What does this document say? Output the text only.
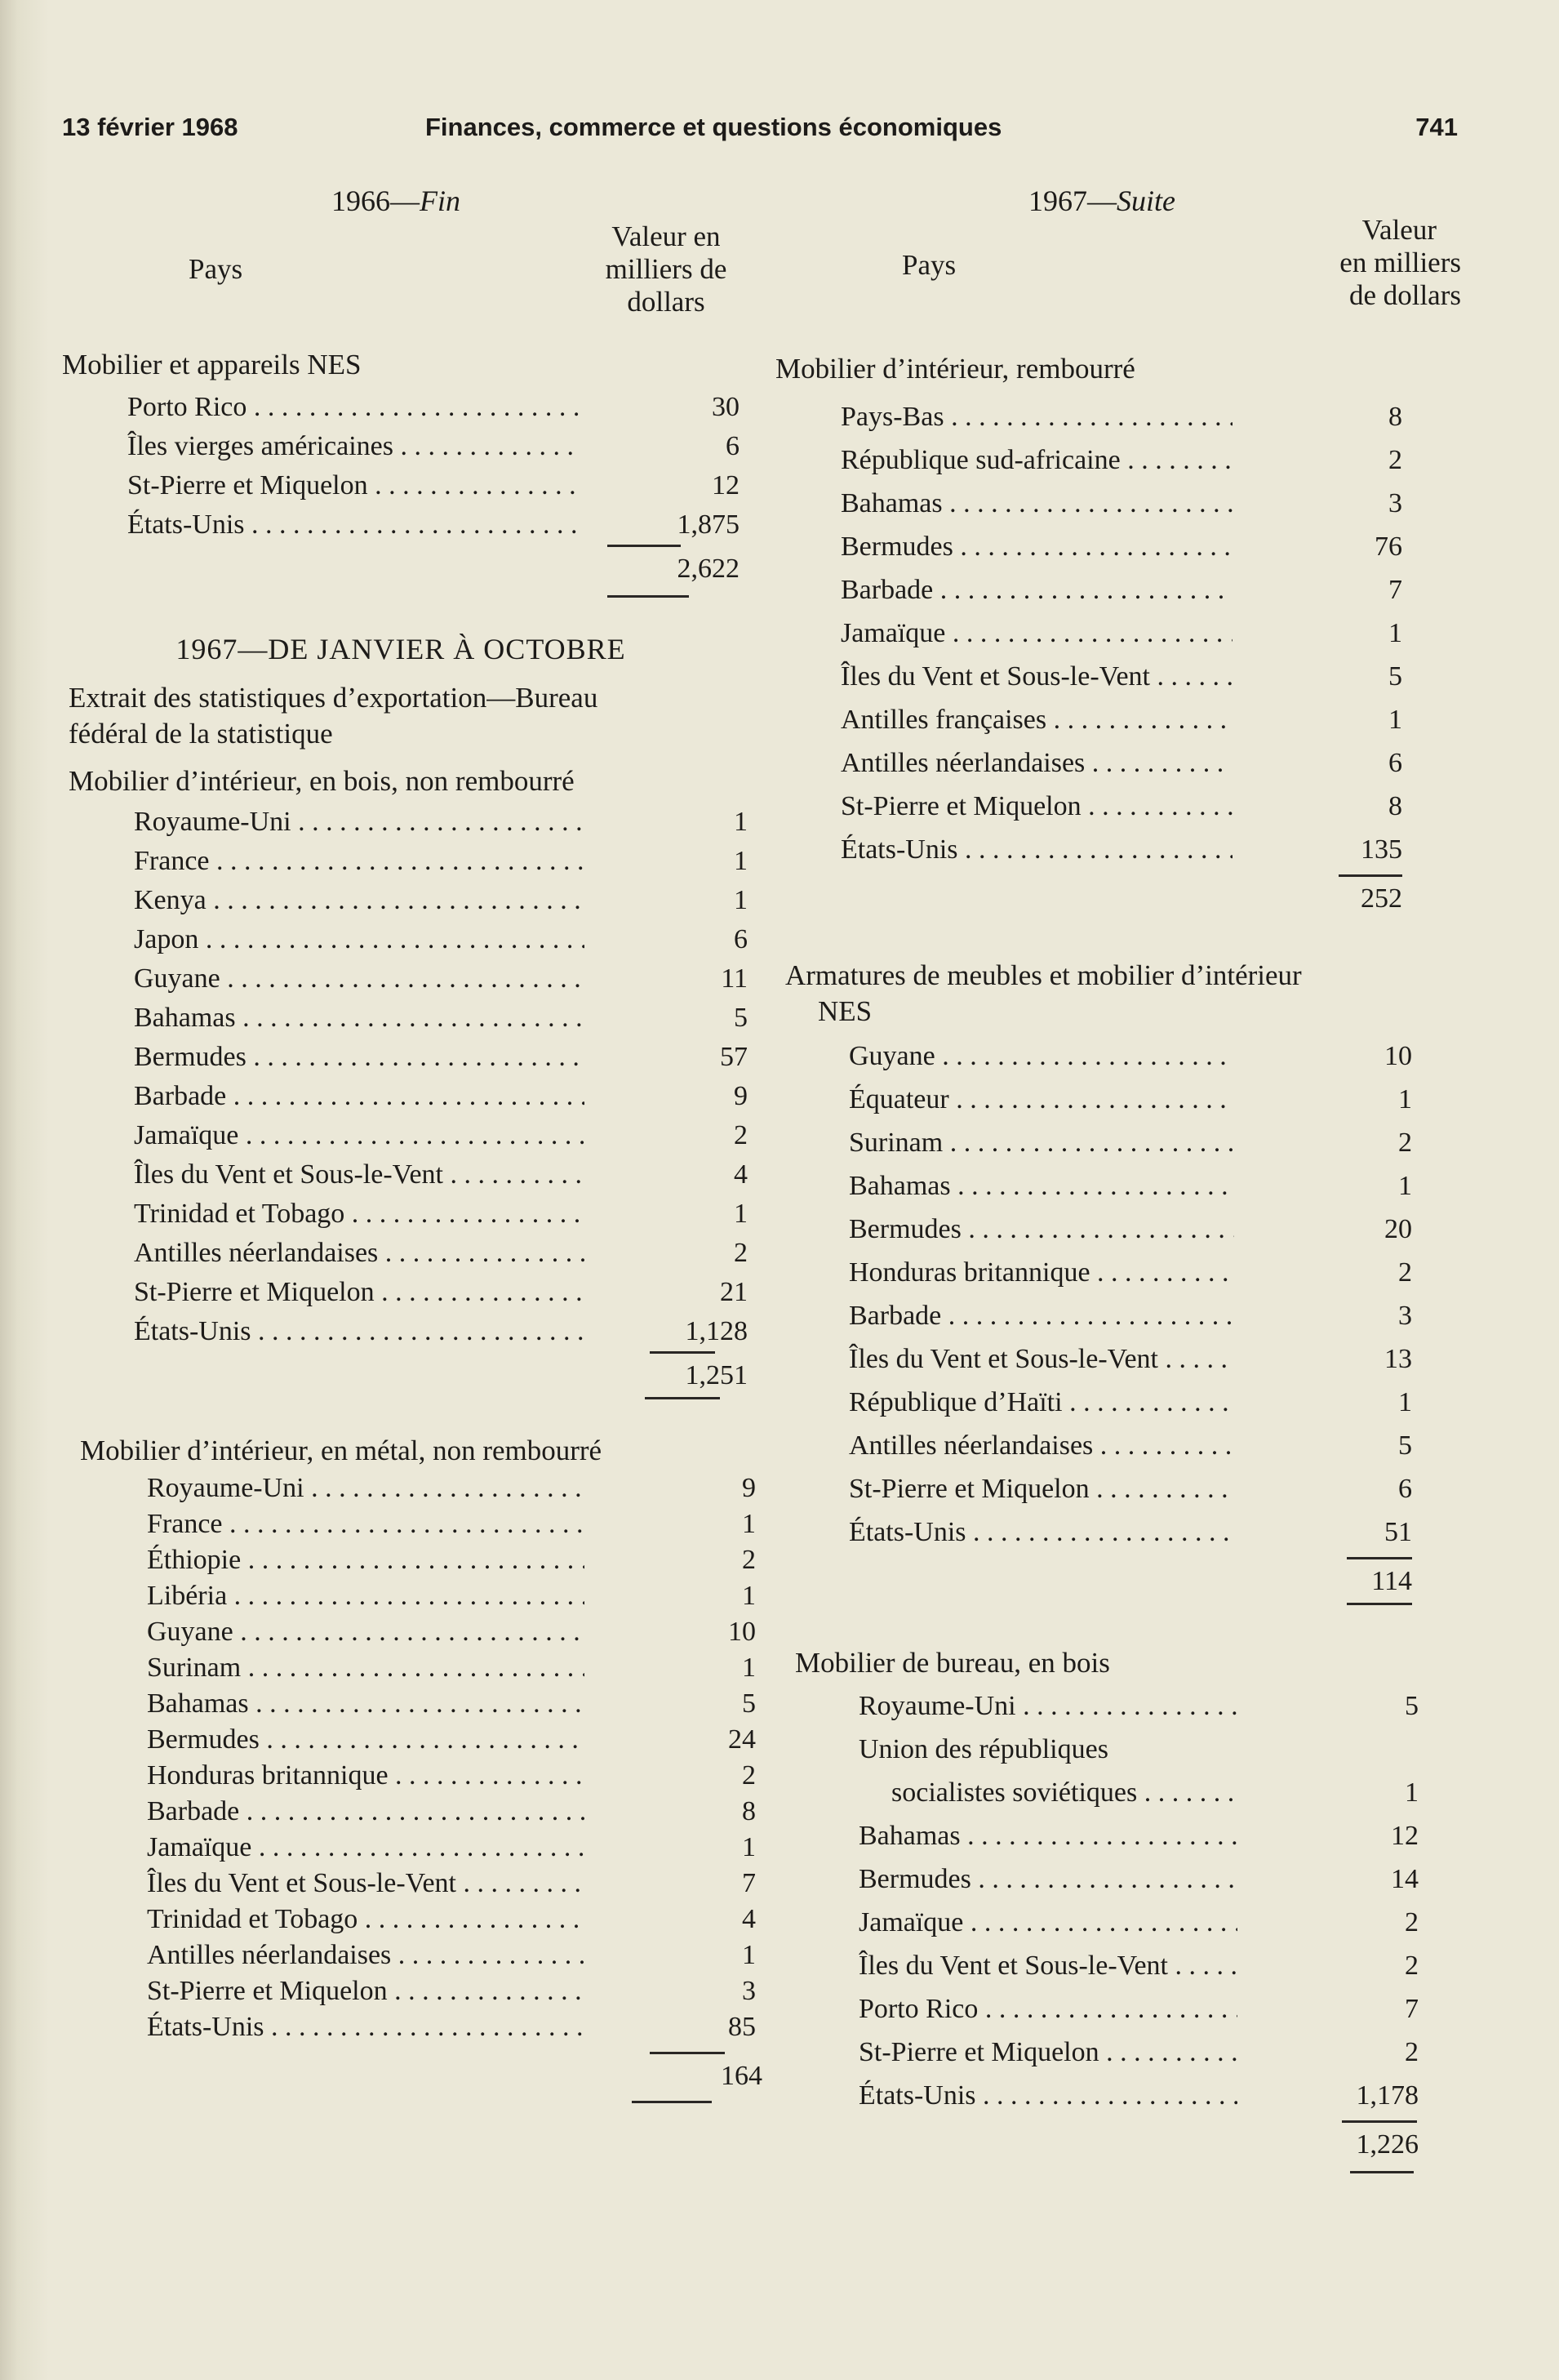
13 février 1968	Finances, commerce et questions économiques	741
1966—Fin
Pays
Valeur en
milliers de
dollars
Mobilier et appareils NES
Porto Rico . . .	30
Îles vierges américaines . . .	6
St-Pierre et Miquelon . . .	12
États-Unis . . .	1,875
2,622
1967—DE JANVIER À OCTOBRE
Extrait des statistiques d’exportation—Bureau
fédéral de la statistique
Mobilier d’intérieur, en bois, non rembourré
Royaume-Uni . . .	1
France . . .	1
Kenya . . .	1
Japon . . .	6
Guyane . . .	11
Bahamas . . .	5
Bermudes . . .	57
Barbade . . .	9
Jamaïque . . .	2
Îles du Vent et Sous-le-Vent . . .	4
Trinidad et Tobago . . .	1
Antilles néerlandaises . . .	2
St-Pierre et Miquelon . . .	21
États-Unis . . .	1,128
1,251
Mobilier d’intérieur, en métal, non rembourré
Royaume-Uni . . .	9
France . . .	1
Éthiopie . . .	2
Libéria . . .	1
Guyane . . .	10
Surinam . . .	1
Bahamas . . .	5
Bermudes . . .	24
Honduras britannique . . .	2
Barbade . . .	8
Jamaïque . . .	1
Îles du Vent et Sous-le-Vent . . .	7
Trinidad et Tobago . . .	4
Antilles néerlandaises . . .	1
St-Pierre et Miquelon . . .	3
États-Unis . . .	85
164
1967—Suite
Pays
Valeur
en milliers
de dollars
Mobilier d’intérieur, rembourré
Pays-Bas . . .	8
République sud-africaine . . .	2
Bahamas . . .	3
Bermudes . . .	76
Barbade . . .	7
Jamaïque . . .	1
Îles du Vent et Sous-le-Vent . . .	5
Antilles françaises . . .	1
Antilles néerlandaises . . .	6
St-Pierre et Miquelon . . .	8
États-Unis . . .	135
252
Armatures de meubles et mobilier d’intérieur
NES
Guyane . . .	10
Équateur . . .	1
Surinam . . .	2
Bahamas . . .	1
Bermudes . . .	20
Honduras britannique . . .	2
Barbade . . .	3
Îles du Vent et Sous-le-Vent . . .	13
République d’Haïti . . .	1
Antilles néerlandaises . . .	5
St-Pierre et Miquelon . . .	6
États-Unis . . .	51
114
Mobilier de bureau, en bois
Royaume-Uni . . .	5
Union des républiques
socialistes soviétiques . . .	1
Bahamas . . .	12
Bermudes . . .	14
Jamaïque . . .	2
Îles du Vent et Sous-le-Vent . . .	2
Porto Rico . . .	7
St-Pierre et Miquelon . . .	2
États-Unis . . .	1,178
1,226
